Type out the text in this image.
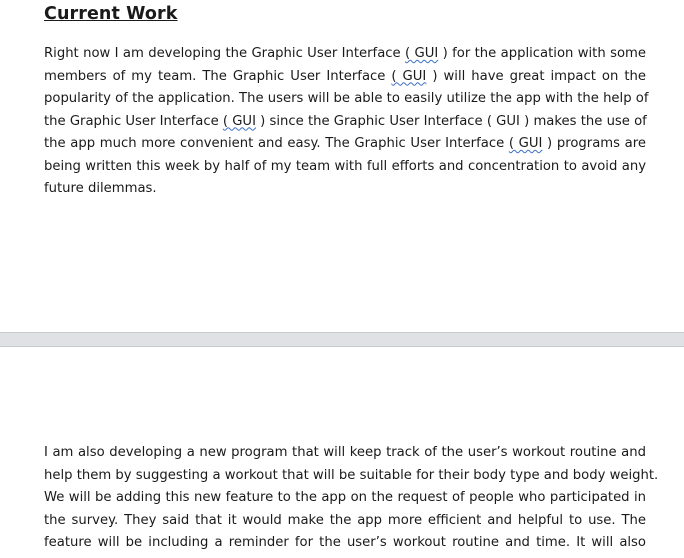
Current Work
Right now I am developing the Graphic User Interface ( GUI ) for the application with some
members of my team. The Graphic User Interface ( GUI ) will have great impact on the
popularity of the application. The users will be able to easily utilize the app with the help of
the Graphic User Interface ( GUI ) since the Graphic User Interface ( GUI ) makes the use of
the app much more convenient and easy. The Graphic User Interface ( GUI ) programs are
being written this week by half of my team with full efforts and concentration to avoid any
future dilemmas.
I am also developing a new program that will keep track of the user’s workout routine and
help them by suggesting a workout that will be suitable for their body type and body weight.
We will be adding this new feature to the app on the request of people who participated in
the survey. They said that it would make the app more efficient and helpful to use. The
feature will be including a reminder for the user’s workout routine and time. It will also
